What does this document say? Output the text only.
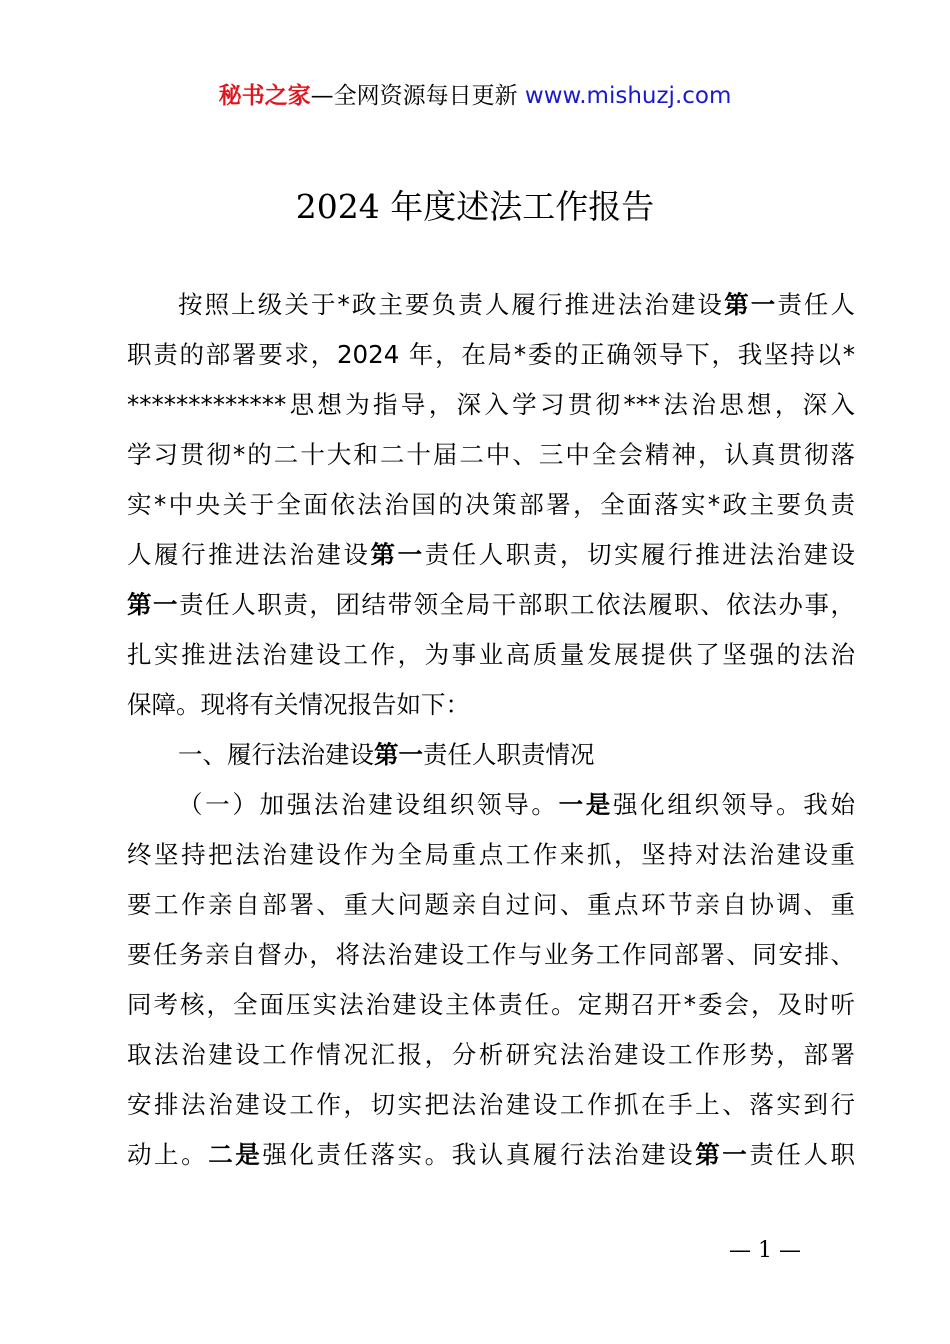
秘书之家—全网资源每日更新 www.mishuzj.com
2024 年度述法工作报告
按照上级关于*政主要负责人履行推进法治建设第一责任人
职责的部署要求，2024 年，在局*委的正确领导下，我坚持以*
*************思想为指导，深入学习贯彻***法治思想，深入
学习贯彻*的二十大和二十届二中、三中全会精神，认真贯彻落
实*中央关于全面依法治国的决策部署，全面落实*政主要负责
人履行推进法治建设第一责任人职责，切实履行推进法治建设
第一责任人职责，团结带领全局干部职工依法履职、依法办事，
扎实推进法治建设工作，为事业高质量发展提供了坚强的法治
保障。现将有关情况报告如下：
一、履行法治建设第一责任人职责情况
（一）加强法治建设组织领导。一是强化组织领导。我始
终坚持把法治建设作为全局重点工作来抓，坚持对法治建设重
要工作亲自部署、重大问题亲自过问、重点环节亲自协调、重
要任务亲自督办，将法治建设工作与业务工作同部署、同安排、
同考核，全面压实法治建设主体责任。定期召开*委会，及时听
取法治建设工作情况汇报，分析研究法治建设工作形势，部署
安排法治建设工作，切实把法治建设工作抓在手上、落实到行
动上。二是强化责任落实。我认真履行法治建设第一责任人职
— 1 —
